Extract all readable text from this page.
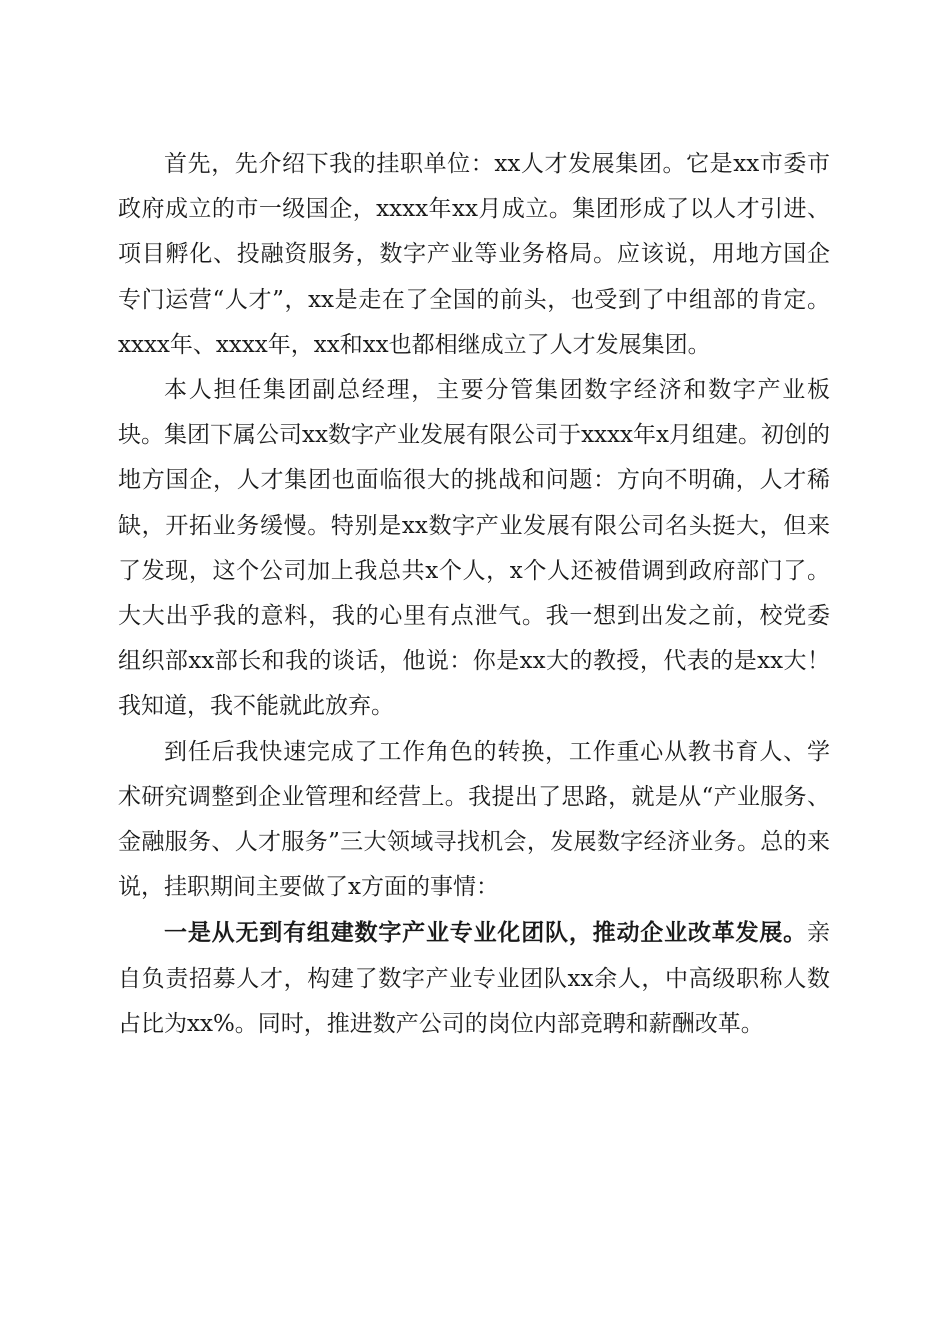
首先，先介绍下我的挂职单位：xx人才发展集团。它是xx市委市政府成立的市一级国企，xxxx年xx月成立。集团形成了以人才引进、项目孵化、投融资服务，数字产业等业务格局。应该说，用地方国企专门运营“人才”，xx是走在了全国的前头，也受到了中组部的肯定。xxxx年、xxxx年，xx和xx也都相继成立了人才发展集团。

本人担任集团副总经理，主要分管集团数字经济和数字产业板块。集团下属公司xx数字产业发展有限公司于xxxx年x月组建。初创的地方国企，人才集团也面临很大的挑战和问题：方向不明确，人才稀缺，开拓业务缓慢。特别是xx数字产业发展有限公司名头挺大，但来了发现，这个公司加上我总共x个人，x个人还被借调到政府部门了。大大出乎我的意料，我的心里有点泄气。我一想到出发之前，校党委组织部xx部长和我的谈话，他说：你是xx大的教授，代表的是xx大！我知道，我不能就此放弃。

到任后我快速完成了工作角色的转换，工作重心从教书育人、学术研究调整到企业管理和经营上。我提出了思路，就是从“产业服务、金融服务、人才服务”三大领域寻找机会，发展数字经济业务。总的来说，挂职期间主要做了x方面的事情：

一是从无到有组建数字产业专业化团队，推动企业改革发展。亲自负责招募人才，构建了数字产业专业团队xx余人，中高级职称人数占比为xx%。同时，推进数产公司的岗位内部竞聘和薪酬改革。
